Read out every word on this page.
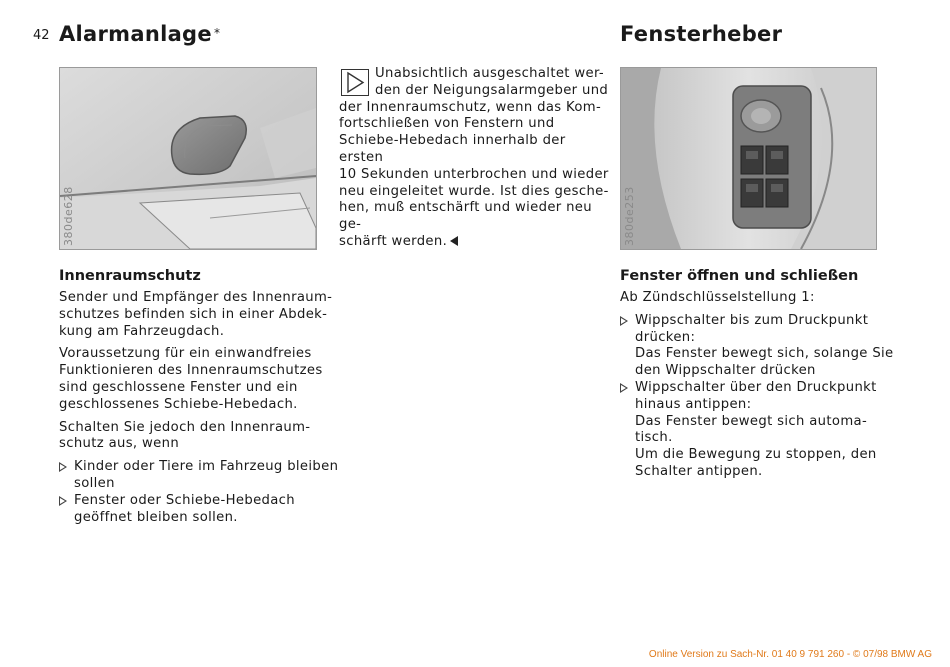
42 Alarmanlage *
380de628
Innenraumschutz

Sender und Empfänger des Innenraum-schutzes befinden sich in einer Abdek-kung am Fahrzeugdach.

Voraussetzung für ein einwandfreies Funktionieren des Innenraumschutzes sind geschlossene Fenster und ein geschlossenes Schiebe-Hebedach.

Schalten Sie jedoch den Innenraum-schutz aus, wenn

Kinder oder Tiere im Fahrzeug bleiben sollen
Fenster oder Schiebe-Hebedach geöffnet bleiben sollen.
Unabsichtlich ausgeschaltet wer-
den der Neigungsalarmgeber und
der Innenraumschutz, wenn das Kom-
fortschließen von Fenstern und
Schiebe-Hebedach innerhalb der ersten
10 Sekunden unterbrochen und wieder
neu eingeleitet wurde. Ist dies gesche-
hen, muß entschärft und wieder neu ge-
schärft werden.
Fensterheber
380de253
Fenster öffnen und schließen

Ab Zündschlüsselstellung 1:

Wippschalter bis zum Druckpunkt drücken:
Das Fenster bewegt sich, solange Sie den Wippschalter drücken
Wippschalter über den Druckpunkt hinaus antippen:
Das Fenster bewegt sich automa-tisch.
Um die Bewegung zu stoppen, den Schalter antippen.
Online Version zu Sach-Nr. 01 40 9 791 260 - © 07/98 BMW AG
